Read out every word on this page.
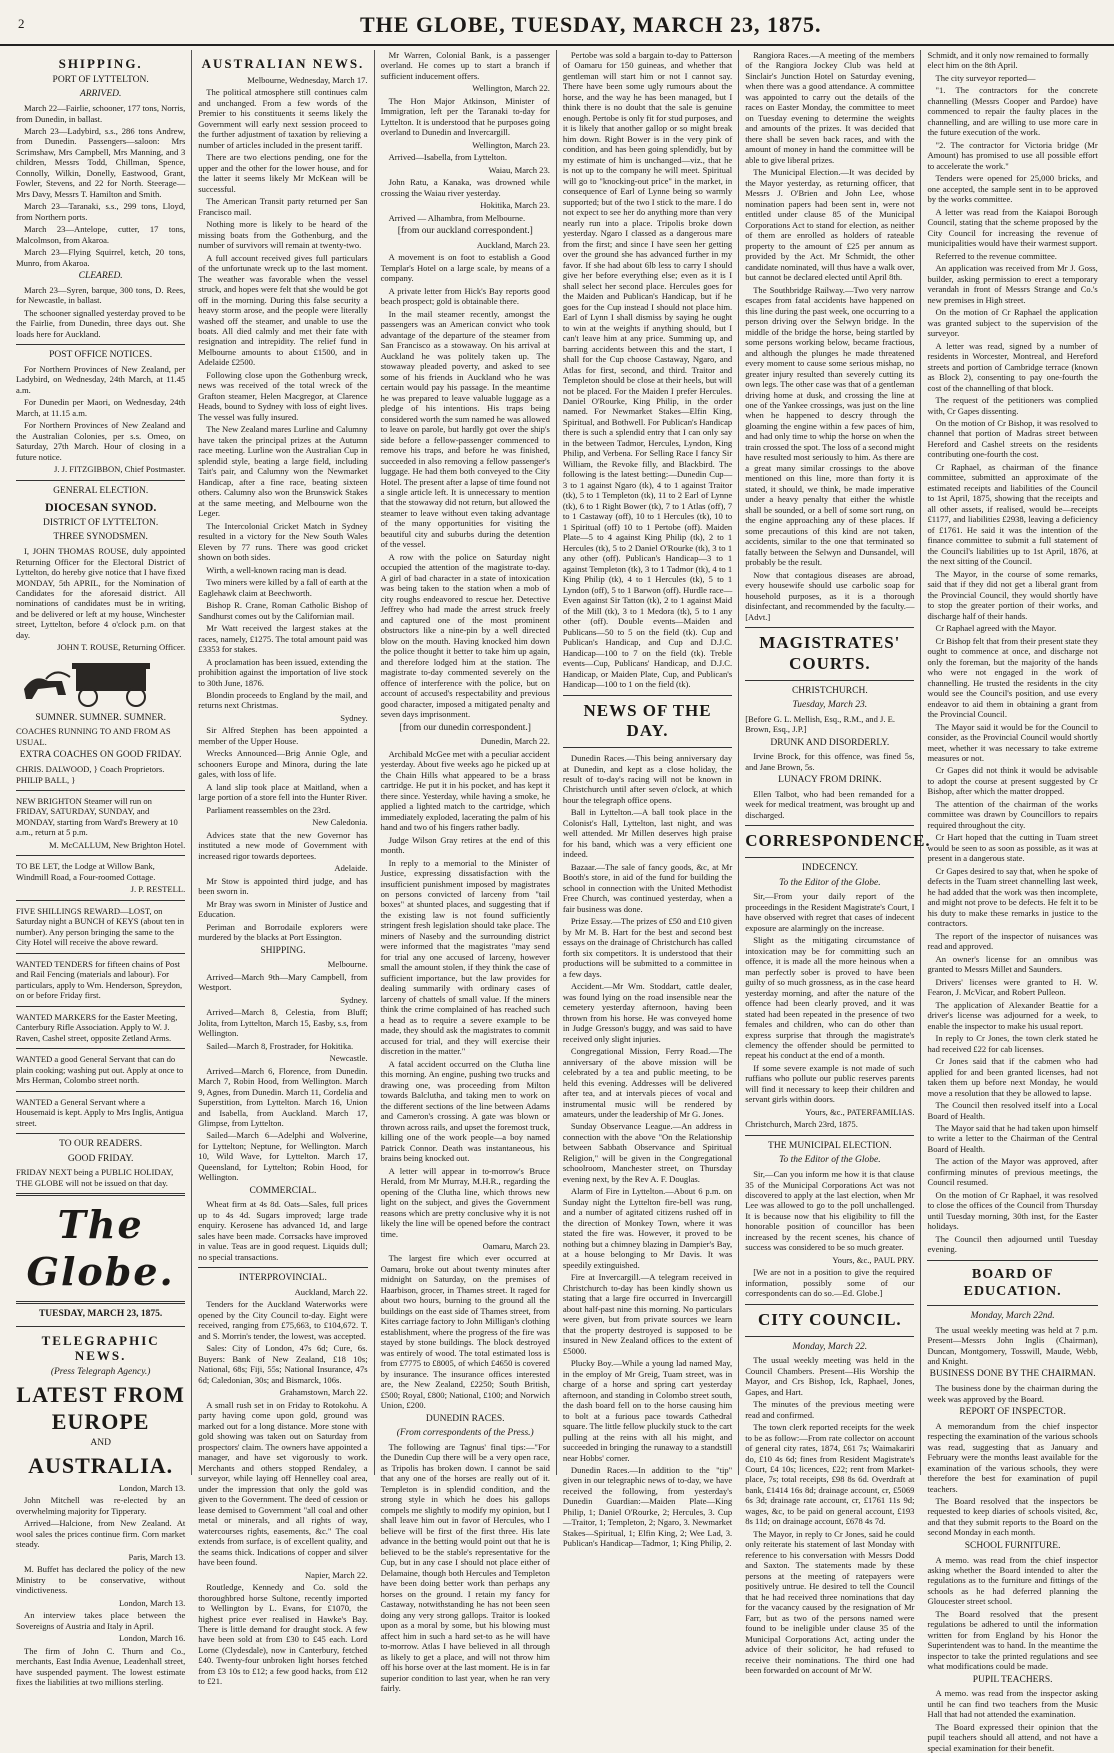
2	THE GLOBE, TUESDAY, MARCH 23, 1875.
SHIPPING.
PORT OF LYTTELTON.
ARRIVED.
March 22—Fairlie, schooner, 177 tons, Norris, from Dunedin, in ballast.
March 23—Ladybird, s.s., 286 tons Andrew, from Dunedin. Passengers—saloon: Mrs Scrimshaw, Mrs Campbell, Mrs Manning, and 3 children, Messrs Todd, Chillman, Spence, Connolly, Wilkin, Donelly, Eastwood, Grant, Fowler, Stevens, and 22 for North. Steerage—Mrs Davy, Messrs T. Hamilton and Smith.
March 23—Taranaki, s.s., 299 tons, Lloyd, from Northern ports.
March 23—Antelope, cutter, 17 tons, Malcolmson, from Akaroa.
March 23—Flying Squirrel, ketch, 20 tons, Munro, from Akaroa.
CLEARED.
March 23—Syren, barque, 300 tons, D. Rees, for Newcastle, in ballast.
The schooner signalled yesterday proved to be the Fairlie, from Dunedin, three days out. She loads here for Auckland.
POST OFFICE NOTICES.
For Northern Provinces of New Zealand, per Ladybird, on Wednesday, 24th March, at 11.45 a.m.
For Dunedin per Maori, on Wednesday, 24th March, at 11.15 a.m.
For Northern Provinces of New Zealand and the Australian Colonies, per s.s. Omeo, on Saturday, 27th March. Hour of closing in a future notice.
J. J. FITZGIBBON, Chief Postmaster.
GENERAL ELECTION.
DIOCESAN SYNOD.
DISTRICT OF LYTTELTON.
THREE SYNODSMEN.
I, JOHN THOMAS ROUSE, duly appointed Returning Officer for the Electoral District of Lyttelton, do hereby give notice that I have fixed MONDAY, 5th APRIL, for the Nomination of Candidates for the aforesaid district. All nominations of candidates must be in writing, and be delivered or left at my house, Winchester street, Lyttelton, before 4 o'clock p.m. on that day.
JOHN T. ROUSE, Returning Officer.
SUMNER. SUMNER. SUMNER.
COACHES RUNNING TO AND FROM AS USUAL.
EXTRA COACHES ON GOOD FRIDAY.
CHRIS. DALWOOD, } Coach Proprietors. PHILIP BALL, }
NEW BRIGHTON Steamer will run on FRIDAY, SATURDAY, SUNDAY, and MONDAY, starting from Ward's Brewery at 10 a.m., return at 5 p.m.
M. McCALLUM, New Brighton Hotel.
TO BE LET, the Lodge at Willow Bank, Windmill Road, a Four-roomed Cottage.
J. P. RESTELL.
FIVE SHILLINGS REWARD—LOST, on Saturday night a BUNCH of KEYS (about ten in number). Any person bringing the same to the City Hotel will receive the above reward.
WANTED TENDERS for fifteen chains of Post and Rail Fencing (materials and labour). For particulars, apply to Wm. Henderson, Spreydon, on or before Friday first.
WANTED MARKERS for the Easter Meeting, Canterbury Rifle Association. Apply to W. J. Raven, Cashel street, opposite Zetland Arms.
WANTED a good General Servant that can do plain cooking; washing put out. Apply at once to Mrs Herman, Colombo street north.
WANTED a General Servant where a Housemaid is kept. Apply to Mrs Inglis, Antigua street.
TO OUR READERS.
GOOD FRIDAY.
FRIDAY NEXT being a PUBLIC HOLIDAY, THE GLOBE will not be issued on that day.
The Globe.
TUESDAY, MARCH 23, 1875.
TELEGRAPHIC NEWS.
(Press Telegraph Agency.)
LATEST FROM EUROPE
AND
AUSTRALIA.
London, March 13.
John Mitchell was re-elected by an overwhelming majority for Tipperary.
Arrived—Halcione, from New Zealand. At wool sales the prices continue firm. Corn market steady.
Paris, March 13.
M. Buffet has declared the policy of the new Ministry to be conservative, without vindictiveness.
London, March 13.
An interview takes place between the Sovereigns of Austria and Italy in April.
London, March 16.
The firm of John C. Thurn and Co., merchants, East India Avenue, Leadenhall street, have suspended payment. The lowest estimate fixes the liabilities at two millions sterling.
AUSTRALIAN NEWS.
Melbourne, Wednesday, March 17.
The political atmosphere still continues calm and unchanged. From a few words of the Premier to his constituents it seems likely the Government will early next session proceed to the further adjustment of taxation by relieving a number of articles included in the present tariff.
There are two elections pending, one for the upper and the other for the lower house, and for the latter it seems likely Mr McKean will be successful.
The American Transit party returned per San Francisco mail.
Nothing more is likely to be heard of the missing boats from the Gothenburg, and the number of survivors will remain at twenty-two.
A full account received gives full particulars of the unfortunate wreck up to the last moment. The weather was favorable when the vessel struck, and hopes were felt that she would be got off in the morning. During this false security a heavy storm arose, and the people were literally washed off the steamer, and unable to use the boats. All died calmly and met their fate with resignation and intrepidity. The relief fund in Melbourne amounts to about £1500, and in Adelaide £2500.
Following close upon the Gothenburg wreck, news was received of the total wreck of the Grafton steamer, Helen Macgregor, at Clarence Heads, bound to Sydney with loss of eight lives. The vessel was fully insured.
The New Zealand mares Lurline and Calumny have taken the principal prizes at the Autumn race meeting. Lurline won the Australian Cup in splendid style, beating a large field, including Tait's pair, and Calumny won the Newmarket Handicap, after a fine race, beating sixteen others. Calumny also won the Brunswick Stakes at the same meeting, and Melbourne won the Leger.
The Intercolonial Cricket Match in Sydney resulted in a victory for the New South Wales Eleven by 77 runs. There was good cricket shown on both sides.
Wirth, a well-known racing man is dead.
Two miners were killed by a fall of earth at the Eaglehawk claim at Beechworth.
Bishop R. Crane, Roman Catholic Bishop of Sandhurst comes out by the Californian mail.
Mr Watt received the largest stakes at the races, namely, £1275. The total amount paid was £3353 for stakes.
A proclamation has been issued, extending the prohibition against the importation of live stock to 30th June, 1876.
Blondin proceeds to England by the mail, and returns next Christmas.
Sydney.
Sir Alfred Stephen has been appointed a member of the Upper House.
Wrecks Announced—Brig Annie Ogle, and schooners Europe and Minora, during the late gales, with loss of life.
A land slip took place at Maitland, when a large portion of a store fell into the Hunter River.
Parliament reassembles on the 23rd.
New Caledonia.
Advices state that the new Governor has instituted a new mode of Government with increased rigor towards deportees.
Adelaide.
Mr Stow is appointed third judge, and has been sworn in.
Mr Bray was sworn in Minister of Justice and Education.
Periman and Borrodaile explorers were murdered by the blacks at Port Essington.
SHIPPING.
Melbourne.
Arrived—March 9th—Mary Campbell, from Westport.
Sydney.
Arrived—March 8, Celestia, from Bluff; Jolita, from Lyttelton, March 15, Easby, s.s, from Wellington.
Sailed—March 8, Frostrader, for Hokitika.
Newcastle.
Arrived—March 6, Florence, from Dunedin. March 7, Robin Hood, from Wellington. March 9, Agnes, from Dunedin. March 11, Cordelia and Superstition, from Lyttelton. March 16, Union and Isabella, from Auckland. March 17, Glimpse, from Lyttelton.
Sailed—March 6—Adelphi and Wolverine, for Lyttelton; Neptune, for Wellington. March 10, Wild Wave, for Lyttelton. March 17, Queensland, for Lyttelton; Robin Hood, for Wellington.
COMMERCIAL.
Wheat firm at 4s 8d. Oats—Sales, full prices up to 4s 4d. Sugars improved; large trade enquiry. Kerosene has advanced 1d, and large sales have been made. Corrsacks have improved in value. Teas are in good request. Liquids dull; no special transactions.
INTERPROVINCIAL.
Auckland, March 22.
Tenders for the Auckland Waterworks were opened by the City Council to-day. Eight were received, ranging from £75,663, to £104,672. T. and S. Morrin's tender, the lowest, was accepted.
Sales: City of London, 47s 6d; Cure, 6s. Buyers: Bank of New Zealand, £18 10s; National, 68s; Fiji, 55s; National Insurance, 47s 6d; Caledonian, 30s; and Bismarck, 106s.
Grahamstown, March 22.
A small rush set in on Friday to Rotokohu. A party having come upon gold, ground was marked out for a long distance. More stone with gold showing was taken out on Saturday from prospectors' claim. The owners have appointed a manager, and have set vigorously to work. Merchants and others stopped Rendaley, a surveyor, while laying off Hennelley coal area, under the impression that only the gold was given to the Government. The deed of cession or lease demised to Government "all coal and other metal or minerals, and all rights of way, watercourses rights, easements, &c." The coal extends from surface, is of excellent quality, and the seams thick. Indications of copper and silver have been found.
Napier, March 22.
Routledge, Kennedy and Co. sold the thoroughbred horse Sultone, recently imported to Wellington by L. Evans, for £1070, the highest price ever realised in Hawke's Bay. There is little demand for draught stock. A few have been sold at from £30 to £45 each. Lord Lorne (Clydesdale), now in Canterbury, fetched £40. Twenty-four unbroken light horses fetched from £3 10s to £12; a few good hacks, from £12 to £21.
Mr Warren, Colonial Bank, is a passenger overland. He comes up to start a branch if sufficient inducement offers.
Wellington, March 22.
The Hon Major Atkinson, Minister of Immigration, left per the Taranaki to-day for Lyttelton. It is understood that he purposes going overland to Dunedin and Invercargill.
Wellington, March 23.
Arrived—Isabella, from Lyttelton.
Waiau, March 23.
John Ratu, a Kanaka, was drowned while crossing the Waiau river yesterday.
Hokitika, March 23.
Arrived — Alhambra, from Melbourne.
[from our auckland correspondent.]
Auckland, March 23.
A movement is on foot to establish a Good Templar's Hotel on a large scale, by means of a company.
A private letter from Hick's Bay reports good beach prospect; gold is obtainable there.
In the mail steamer recently, amongst the passengers was an American convict who took advantage of the departure of the steamer from San Francisco as a stowaway. On his arrival at Auckland he was politely taken up. The stowaway pleaded poverty, and asked to see some of his friends in Auckland who he was certain would pay his passage. In the meantime he was prepared to leave valuable luggage as a pledge of his intentions. His traps being considered worth the sum named he was allowed to leave on parole, but hardly got over the ship's side before a fellow-passenger commenced to remove his traps, and before he was finished, succeeded in also removing a fellow passenger's luggage. He had them both conveyed to the City Hotel. The present after a lapse of time found not a single article left. It is unnecessary to mention that the stowaway did not return, but allowed the steamer to leave without even taking advantage of the many opportunities for visiting the beautiful city and suburbs during the detention of the vessel.
A row with the police on Saturday night occupied the attention of the magistrate to-day. A girl of bad character in a state of intoxication was being taken to the station when a mob of city roughs endeavored to rescue her. Detective Jeffrey who had made the arrest struck freely and captured one of the most prominent obstructors like a nine-pin by a well directed blow on the mouth. Having knocked him down the police thought it better to take him up again, and therefore lodged him at the station. The magistrate to-day commented severely on the offence of interference with the police, but on account of accused's respectability and previous good character, imposed a mitigated penalty and seven days imprisonment.
[from our dunedin correspondent.]
Dunedin, March 22.
Archibald McGee met with a peculiar accident yesterday. About five weeks ago he picked up at the Chain Hills what appeared to be a brass cartridge. He put it in his pocket, and has kept it there since. Yesterday, while having a smoke, he applied a lighted match to the cartridge, which immediately exploded, lacerating the palm of his hand and two of his fingers rather badly.
Judge Wilson Gray retires at the end of this month.
In reply to a memorial to the Minister of Justice, expressing dissatisfaction with the insufficient punishment imposed by magistrates on persons convicted of larceny from "tail boxes" at shunted places, and suggesting that if the existing law is not found sufficiently stringent fresh legislation should take place. The miners of Naseby and the surrounding district were informed that the magistrates "may send for trial any one accused of larceny, however small the amount stolen, if they think the case of sufficient importance, but the law provides for dealing summarily with ordinary cases of larceny of chattels of small value. If the miners think the crime complained of has reached such a head as to require a severe example to be made, they should ask the magistrates to commit accused for trial, and they will exercise their discretion in the matter."
A fatal accident occurred on the Clutha line this morning. An engine, pushing two trucks and drawing one, was proceeding from Milton towards Balclutha, and taking men to work on the different sections of the line between Adams and Cameron's crossing. A gate was blown or thrown across rails, and upset the foremost truck, killing one of the work people—a boy named Patrick Connor. Death was instantaneous, his brains being knocked out.
A letter will appear in to-morrow's Bruce Herald, from Mr Murray, M.H.R., regarding the opening of the Clutha line, which throws new light on the subject, and gives the Government reasons which are pretty conclusive why it is not likely the line will be opened before the contract time.
Oamaru, March 23.
The largest fire which ever occurred at Oamaru, broke out about twenty minutes after midnight on Saturday, on the premises of Haarbison, grocer, in Thames street. It raged for about two hours, burning to the ground all the buildings on the east side of Thames street, from Kites carriage factory to John Milligan's clothing establishment, where the progress of the fire was stayed by stone buildings. The block destroyed was entirely of wood. The total estimated loss is from £7775 to £8005, of which £4650 is covered by insurance. The insurance offices interested are, the New Zealand, £2250; South British, £500; Royal, £800; National, £100; and Norwich Union, £200.
DUNEDIN RACES.
(From correspondents of the Press.)
The following are Tagnus' final tips:—"For the Dunedin Cup there will be a very open race, as Tripolis has broken down. I cannot be said that any one of the horses are really out of it. Templeton is in splendid condition, and the strong style in which he does his gallops compels me slightly to modify my opinion, but I shall leave him out in favor of Hercules, who I believe will be first of the first three. His late advance in the betting would point out that he is believed to be the stable's representative for the Cup, but in any case I should not place either of Delamaine, though both Hercules and Templeton have been doing better work than perhaps any horses on the ground. I retain my fancy for Castaway, notwithstanding he has not been seen doing any very strong gallops. Traitor is looked upon as a moral by some, but his blowing must affect him in such a hard set-to as he will have to-morrow. Atlas I have believed in all through as likely to get a place, and will not throw him off his horse over at the last moment. He is in far superior condition to last year, when he ran very fairly.
Pertobe was sold a bargain to-day to Patterson of Oamaru for 150 guineas, and whether that gentleman will start him or not I cannot say. There have been some ugly rumours about the horse, and the way he has been managed, but I think there is no doubt that the sale is genuine enough. Pertobe is only fit for stud purposes, and it is likely that another gallop or so might break him down. Right Bower is in the very pink of condition, and has been going splendidly, but by my estimate of him is unchanged—viz., that he is not up to the company he will meet. Spiritual will go to "knocking-out price" in the market, in consequence of Earl of Lynne being so warmly supported; but of the two I stick to the mare. I do not expect to see her do anything more than very nearly run into a place. Tripolis broke down yesterday. Ngaro I classed as a dangerous mare from the first; and since I have seen her getting over the ground she has advanced further in my favor. If she had about 6lb less to carry I should give her before everything else; even as it is I shall select her second place. Hercules goes for the Maiden and Publican's Handicap, but if he goes for the Cup instead I should not place him. Earl of Lynn I shall dismiss by saying he ought to win at the weights if anything should, but I can't leave him at any price. Summing up, and barring accidents between this and the start, I shall for the Cup choose Castaway, Ngaro, and Atlas for first, second, and third. Traitor and Templeton should be close at their heels, but will not be placed. For the Maiden I prefer Hercules. Daniel O'Rourke, King Philip, in the order named. For Newmarket Stakes—Elfin King, Spiritual, and Bothwell. For Publican's Handicap there is such a splendid entry that I can only say in the between Tadmor, Hercules, Lyndon, King Philip, and Verbena. For Selling Race I fancy Sir William, the Revoke filly, and Blackbird. The following is the latest betting:—Dunedin Cup—3 to 1 against Ngaro (tk), 4 to 1 against Traitor (tk), 5 to 1 Templeton (tk), 11 to 2 Earl of Lynne (tk), 6 to 1 Right Bower (tk), 7 to 1 Atlas (off), 7 to 1 Castaway (off), 10 to 1 Hercules (tk), 10 to 1 Spiritual (off) 10 to 1 Pertobe (off). Maiden Plate—5 to 4 against King Philip (tk), 2 to 1 Hercules (tk), 5 to 2 Daniel O'Rourke (tk), 3 to 1 any other (off). Publican's Handicap—3 to 1 against Templeton (tk), 3 to 1 Tadmor (tk), 4 to 1 King Philip (tk), 4 to 1 Hercules (tk), 5 to 1 Lyndon (off), 5 to 1 Barwon (off). Hurdle race—Even against Sir Tatton (tk), 2 to 1 against Maid of the Mill (tk), 3 to 1 Medora (tk), 5 to 1 any other (off). Double events—Maiden and Publicans—50 to 5 on the field (tk). Cup and Publican's Handicap, and Cup and D.J.C. Handicap—100 to 7 on the field (tk). Treble events—Cup, Publicans' Handicap, and D.J.C. Handicap, or Maiden Plate, Cup, and Publican's Handicap—100 to 1 on the field (tk).
NEWS OF THE DAY.
Dunedin Races.—This being anniversary day at Dunedin, and kept as a close holiday, the result of to-day's racing will not be known in Christchurch until after seven o'clock, at which hour the telegraph office opens.
Ball in Lyttelton.—A ball took place in the Colonist's Hall, Lyttelton, last night, and was well attended. Mr Millen deserves high praise for his band, which was a very efficient one indeed.
Bazaar.—The sale of fancy goods, &c, at Mr Booth's store, in aid of the fund for building the school in connection with the United Methodist Free Church, was continued yesterday, when a fair business was done.
Prize Essay.—The prizes of £50 and £10 given by Mr M. B. Hart for the best and second best essays on the drainage of Christchurch has called forth six competitors. It is understood that their productions will be submitted to a committee in a few days.
Accident.—Mr Wm. Stoddart, cattle dealer, was found lying on the road insensible near the cemetery yesterday afternoon, having been thrown from his horse. He was conveyed home in Judge Gresson's buggy, and was said to have received only slight injuries.
Congregational Mission, Ferry Road.—The anniversary of the above mission will be celebrated by a tea and public meeting, to be held this evening. Addresses will be delivered after tea, and at intervals pieces of vocal and instrumental music will be rendered by amateurs, under the leadership of Mr G. Jones.
Sunday Observance League.—An address in connection with the above "On the Relationship between Sabbath Observance and Spiritual Religion," will be given in the Congregational schoolroom, Manchester street, on Thursday evening next, by the Rev A. F. Douglas.
Alarm of Fire in Lyttelton.—About 6 p.m. on Sunday night the Lyttelton fire-bell was rung, and a number of agitated citizens rushed off in the direction of Monkey Town, where it was stated the fire was. However, it proved to be nothing but a chimney blazing in Dampier's Bay, at a house belonging to Mr Davis. It was speedily extinguished.
Fire at Invercargill.—A telegram received in Christchurch to-day has been kindly shown us stating that a large fire occurred in Invercargill about half-past nine this morning. No particulars were given, but from private sources we learn that the property destroyed is supposed to be insured in New Zealand offices to the extent of £5000.
Plucky Boy.—While a young lad named May, in the employ of Mr Greig, Tuam street, was in charge of a horse and spring cart yesterday afternoon, and standing in Colombo street south, the dash board fell on to the horse causing him to bolt at a furious pace towards Cathedral square. The little fellow pluckily stuck to the cart pulling at the reins with all his might, and succeeded in bringing the runaway to a standstill near Hobbs' corner.
Dunedin Races.—In addition to the "tip" given in our telegraphic news of to-day, we have received the following, from yesterday's Dunedin Guardian:—Maiden Plate—King Philip, 1; Daniel O'Rourke, 2; Hercules, 3. Cup—Traitor, 1; Templeton, 2; Ngaro, 3. Newmarket Stakes—Spiritual, 1; Elfin King, 2; Wee Lad, 3. Publican's Handicap—Tadmor, 1; King Philip, 2.
Rangiora Races.—A meeting of the members of the Rangiora Jockey Club was held at Sinclair's Junction Hotel on Saturday evening, when there was a good attendance. A committee was appointed to carry out the details of the races on Easter Monday, the committee to meet on Tuesday evening to determine the weights and amounts of the prizes. It was decided that there shall be seven back races, and with the amount of money in hand the committee will be able to give liberal prizes.
The Municipal Election.—It was decided by the Mayor yesterday, as returning officer, that Messrs J. O'Brien and John Lee, whose nomination papers had been sent in, were not entitled under clause 85 of the Municipal Corporations Act to stand for election, as neither of them are enrolled as holders of rateable property to the amount of £25 per annum as provided by the Act. Mr Schmidt, the other candidate nominated, will thus have a walk over, but cannot be declared elected until April 8th.
The Southbridge Railway.—Two very narrow escapes from fatal accidents have happened on this line during the past week, one occurring to a person driving over the Selwyn bridge. In the middle of the bridge the horse, being startled by some persons working below, became fractious, and although the plunges he made threatened every moment to cause some serious mishap, no greater injury resulted than severely cutting its own legs. The other case was that of a gentleman driving home at dusk, and crossing the line at one of the Yankee crossings, was just on the line when he happened to descry through the gloaming the engine within a few paces of him, and had only time to whip the horse on when the train crossed the spot. The loss of a second might have resulted most seriously to him. As there are a great many similar crossings to the above mentioned on this line, more than forty it is stated, it should, we think, be made imperative under a heavy penalty that either the whistle shall be sounded, or a bell of some sort rung, on the engine approaching any of these places. If some precautions of this kind are not taken, accidents, similar to the one that terminated so fatally between the Selwyn and Dunsandel, will probably be the result.
Now that contagious diseases are abroad, every housewife should use carbolic soap for household purposes, as it is a thorough disinfectant, and recommended by the faculty.—[Advt.]
MAGISTRATES' COURTS.
CHRISTCHURCH.
Tuesday, March 23.
[Before G. L. Mellish, Esq., R.M., and J. E. Brown, Esq., J.P.]
DRUNK AND DISORDERLY.
Irvine Brock, for this offence, was fined 5s, and Jane Brown, 5s.
LUNACY FROM DRINK.
Ellen Talbot, who had been remanded for a week for medical treatment, was brought up and discharged.
CORRESPONDENCE.
INDECENCY.
To the Editor of the Globe.
Sir,—From your daily report of the proceedings in the Resident Magistrate's Court, I have observed with regret that cases of indecent exposure are alarmingly on the increase.
Slight as the mitigating circumstance of intoxication may be for committing such an offence, it is made all the more heinous when a man perfectly sober is proved to have been guilty of so much grossness, as in the case heard yesterday morning, and after the nature of the offence had been clearly proved, and it was stated had been repeated in the presence of two females and children, who can do other than express surprise that through the magistrate's clemency the offender should be permitted to repeat his conduct at the end of a month.
If some severe example is not made of such ruffians who pollute our public reserves parents will find it necessary to keep their children and servant girls within doors.
Yours, &c., PATERFAMILIAS.
Christchurch, March 23rd, 1875.
THE MUNICIPAL ELECTION.
To the Editor of the Globe.
Sir,—Can you inform me how it is that clause 35 of the Municipal Corporations Act was not discovered to apply at the last election, when Mr Lee was allowed to go to the poll unchallenged. It is because now that his eligibility to fill the honorable position of councillor has been increased by the recent scenes, his chance of success was considered to be so much greater.
Yours, &c., PAUL PRY.
[We are not in a position to give the required information, possibly some of our correspondents can do so.—Ed. Globe.]
CITY COUNCIL.
Monday, March 22.
The usual weekly meeting was held in the Council Chambers. Present—His Worship the Mayor, and Crs Bishop, Ick, Raphael, Jones, Gapes, and Hart.
The minutes of the previous meeting were read and confirmed.
The town clerk reported receipts for the week to be as follow:—From rate collector on account of general city rates, 1874, £61 7s; Waimakariri do, £10 4s 6d; fines from Resident Magistrate's Court, £4 10s; licences, £22; rent from Market-place, 7s; total receipts, £98 8s 6d. Overdraft at bank, £1414 16s 8d; drainage account, cr, £5069 6s 3d; drainage rate account, cr, £1761 11s 9d; wages, &c, to be paid on general account, £193 8s 11d; on drainage account, £678 4s 7d.
The Mayor, in reply to Cr Jones, said he could only reiterate his statement of last Monday with reference to his conversation with Messrs Dodd and Saxton. The statements made by these persons at the meeting of ratepayers were positively untrue. He desired to tell the Council that he had received three nominations that day for the vacancy caused by the resignation of Mr Farr, but as two of the persons named were found to be ineligible under clause 35 of the Municipal Corporations Act, acting under the advice of their solicitor, he had refused to receive their nominations. The third one had been forwarded on account of Mr W.
Schmidt, and it only now remained to formally elect him on the 8th April.
The city surveyor reported—
"1. The contractors for the concrete channelling (Messrs Cooper and Pardoe) have commenced to repair the faulty places in the channelling, and are willing to use more care in the future execution of the work.
"2. The contractor for Victoria bridge (Mr Amount) has promised to use all possible effort to accelerate the work."
Tenders were opened for 25,000 bricks, and one accepted, the sample sent in to be approved by the works committee.
A letter was read from the Kaiapoi Borough Council, stating that the scheme proposed by the City Council for increasing the revenue of municipalities would have their warmest support.
Referred to the revenue committee.
An application was received from Mr J. Goss, builder, asking permission to erect a temporary verandah in front of Messrs Strange and Co.'s new premises in High street.
On the motion of Cr Raphael the application was granted subject to the supervision of the surveyor.
A letter was read, signed by a number of residents in Worcester, Montreal, and Hereford streets and portion of Cambridge terrace (known as Block 2), consenting to pay one-fourth the cost of the channelling of that block.
The request of the petitioners was complied with, Cr Gapes dissenting.
On the motion of Cr Bishop, it was resolved to channel that portion of Madras street between Hereford and Cashel streets on the residents contributing one-fourth the cost.
Cr Raphael, as chairman of the finance committee, submitted an approximate of the estimated receipts and liabilities of the Council to 1st April, 1875, showing that the receipts and all other assets, if realised, would be—receipts £1177, and liabilities £2938, leaving a deficiency of £1761. He said it was the intention of the finance committee to submit a full statement of the Council's liabilities up to 1st April, 1876, at the next sitting of the Council.
The Mayor, in the course of some remarks, said that if they did not get a liberal grant from the Provincial Council, they would shortly have to stop the greater portion of their works, and discharge half of their hands.
Cr Raphael agreed with the Mayor.
Cr Bishop felt that from their present state they ought to commence at once, and discharge not only the foreman, but the majority of the hands who were not engaged in the work of channelling. He trusted the residents in the city would see the Council's position, and use every endeavor to aid them in obtaining a grant from the Provincial Council.
The Mayor said it would be for the Council to consider, as the Provincial Council would shortly meet, whether it was necessary to take extreme measures or not.
Cr Gapes did not think it would be advisable to adopt the course at present suggested by Cr Bishop, after which the matter dropped.
The attention of the chairman of the works committee was drawn by Councillors to repairs required throughout the city.
Cr Hart hoped that the cutting in Tuam street would be seen to as soon as possible, as it was at present in a dangerous state.
Cr Gapes desired to say that, when he spoke of defects in the Tuam street channelling last week, he had added that the work was then incomplete, and might not prove to be defects. He felt it to be his duty to make these remarks in justice to the contractors.
The report of the inspector of nuisances was read and approved.
An owner's license for an omnibus was granted to Messrs Millet and Saunders.
Drivers' licenses were granted to H. W. Fearon, J. McVicar, and Robert Pulleon.
The application of Alexander Beattie for a driver's license was adjourned for a week, to enable the inspector to make his usual report.
In reply to Cr Jones, the town clerk stated he had received £22 for cab licenses.
Cr Jones said that if the cabmen who had applied for and been granted licenses, had not taken them up before next Monday, he would move a resolution that they be allowed to lapse.
The Council then resolved itself into a Local Board of Health.
The Mayor said that he had taken upon himself to write a letter to the Chairman of the Central Board of Health.
The action of the Mayor was approved, after confirming minutes of previous meetings, the Council resumed.
On the motion of Cr Raphael, it was resolved to close the offices of the Council from Thursday until Tuesday morning, 30th inst, for the Easter holidays.
The Council then adjourned until Tuesday evening.
BOARD OF EDUCATION.
Monday, March 22nd.
The usual weekly meeting was held at 7 p.m. Present—Messrs John Inglis (Chairman), Duncan, Montgomery, Tosswill, Maude, Webb, and Knight.
BUSINESS DONE BY THE CHAIRMAN.
The business done by the chairman during the week was approved by the Board.
REPORT OF INSPECTOR.
A memorandum from the chief inspector respecting the examination of the various schools was read, suggesting that as January and February were the months least available for the examination of the various schools, they were therefore the best for examination of pupil teachers.
The Board resolved that the inspectors be requested to keep diaries of schools visited, &c, and that they submit reports to the Board on the second Monday in each month.
SCHOOL FURNITURE.
A memo. was read from the chief inspector asking whether the Board intended to alter the regulations as to the furniture and fittings of the schools as he had deferred planning the Gloucester street school.
The Board resolved that the present regulations be adhered to until the information written for from England by his Honor the Superintendent was to hand. In the meantime the inspector to take the printed regulations and see what modifications could be made.
PUPIL TEACHERS.
A memo. was read from the inspector asking until he can find two teachers from the Music Hall that had not attended the examination.
The Board expressed their opinion that the pupil teachers should all attend, and not have a special examination for their benefit.
